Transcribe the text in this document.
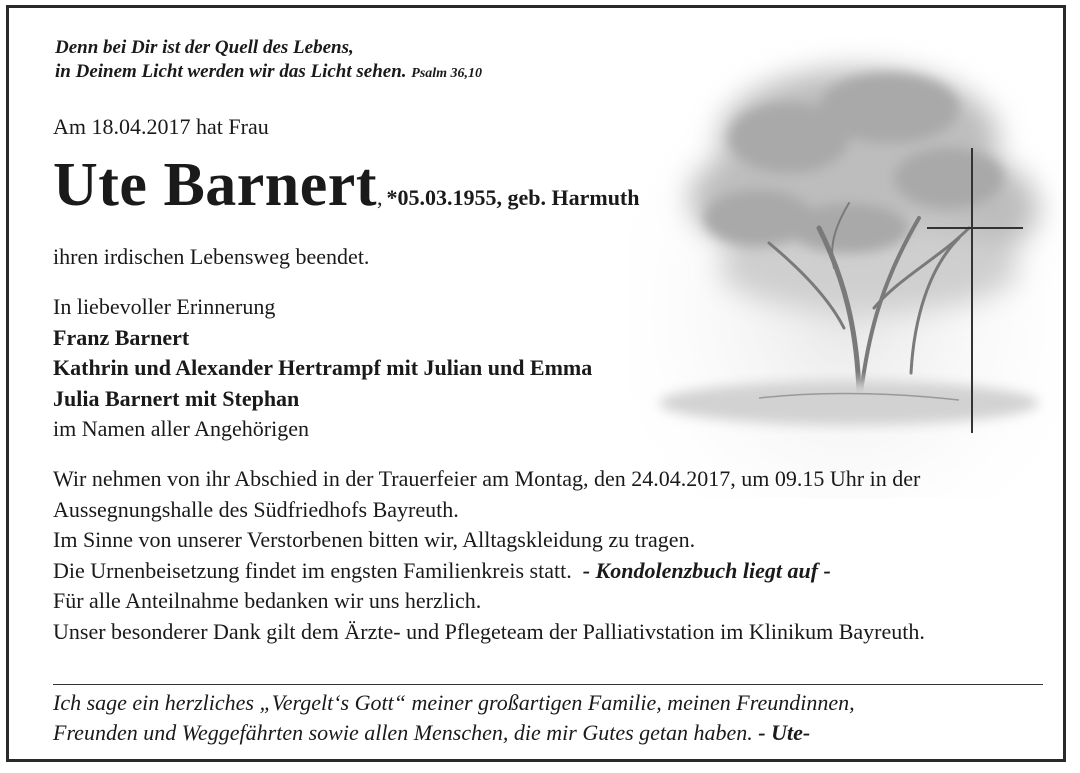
Denn bei Dir ist der Quell des Lebens,
in Deinem Licht werden wir das Licht sehen. Psalm 36,10
Am 18.04.2017 hat Frau
Ute Barnert, *05.03.1955, geb. Harmuth
ihren irdischen Lebensweg beendet.
In liebevoller Erinnerung
Franz Barnert
Kathrin und Alexander Hertrampf mit Julian und Emma
Julia Barnert mit Stephan
im Namen aller Angehörigen

Wir nehmen von ihr Abschied in der Trauerfeier am Montag, den 24.04.2017, um 09.15 Uhr in der Aussegnungshalle des Südfriedhofs Bayreuth.

Im Sinne von unserer Verstorbenen bitten wir, Alltagskleidung zu tragen.

Die Urnenbeisetzung findet im engsten Familienkreis statt. - Kondolenzbuch liegt auf -

Für alle Anteilnahme bedanken wir uns herzlich.

Unser besonderer Dank gilt dem Ärzte- und Pflegeteam der Palliativstation im Klinikum Bayreuth.

Ich sage ein herzliches „Vergelt‘s Gott“ meiner großartigen Familie, meinen Freundinnen,
Freunden und Weggefährten sowie allen Menschen, die mir Gutes getan haben. - Ute-
